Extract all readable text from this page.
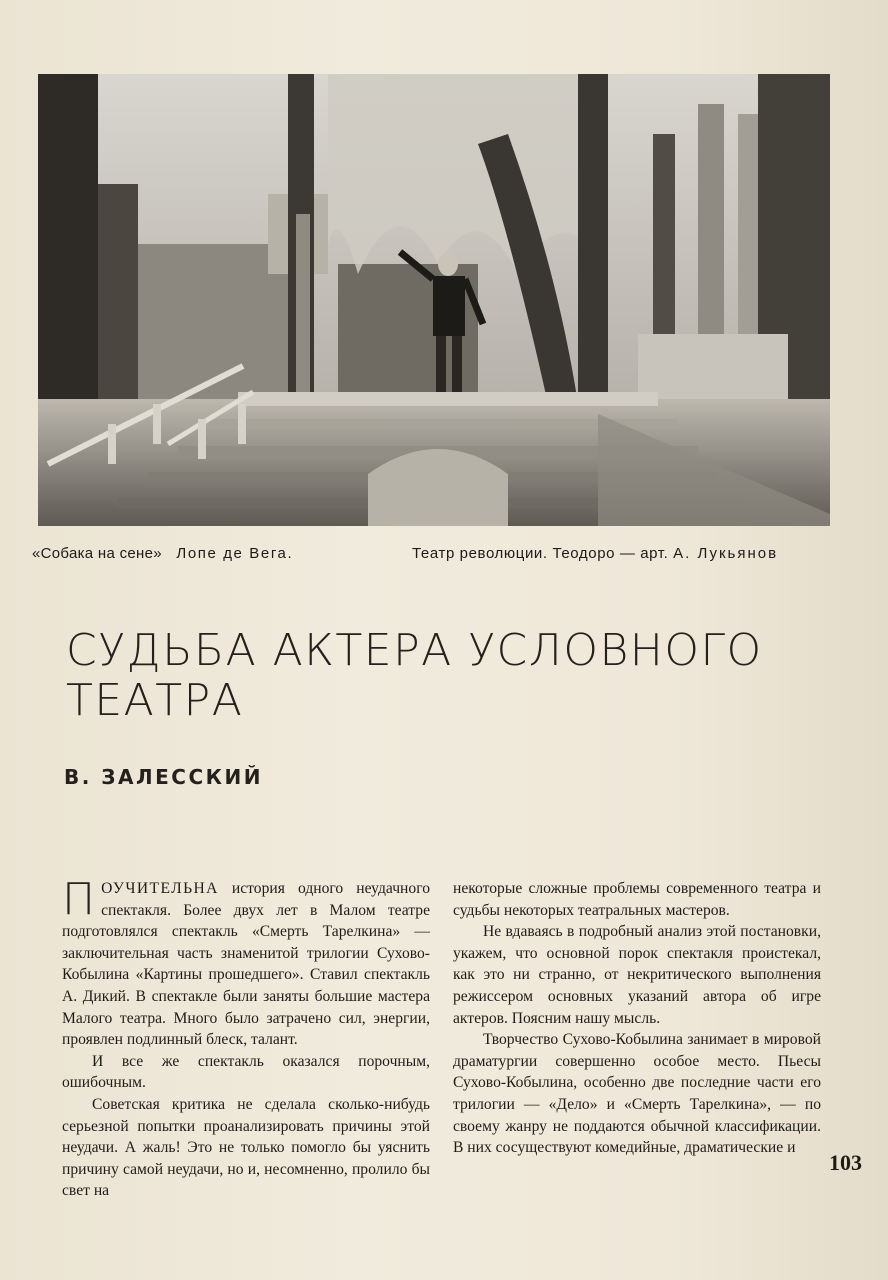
«Собака на сене» Лопе де Вега.	Театр революции. Теодоро — арт. А. Лукьянов
СУДЬБА АКТЕРА УСЛОВНОГО ТЕАТРА
В. ЗАЛЕССКИЙ

ПОУЧИТЕЛЬНА история одного неудачного спектакля. Более двух лет в Малом театре подготовлялся спектакль «Смерть Тарелкина» — заключительная часть знаменитой трилогии Сухово-Кобылина «Картины прошедшего». Ставил спектакль А. Дикий. В спектакле были заняты большие мастера Малого театра. Много было затрачено сил, энергии, проявлен подлинный блеск, талант.

И все же спектакль оказался порочным, ошибочным.

Советская критика не сделала сколько-нибудь серьезной попытки проанализировать причины этой неудачи. А жаль! Это не только помогло бы уяснить причину самой неудачи, но и, несомненно, пролило бы свет на

некоторые сложные проблемы современного театра и судьбы некоторых театральных мастеров.

Не вдаваясь в подробный анализ этой постановки, укажем, что основной порок спектакля проистекал, как это ни странно, от некритического выполнения режиссером основных указаний автора об игре актеров. Поясним нашу мысль.

Творчество Сухово-Кобылина занимает в мировой драматургии совершенно особое место. Пьесы Сухово-Кобылина, особенно две последние части его трилогии — «Дело» и «Смерть Тарелкина», — по своему жанру не поддаются обычной классификации. В них сосуществуют комедийные, драматические и

103
